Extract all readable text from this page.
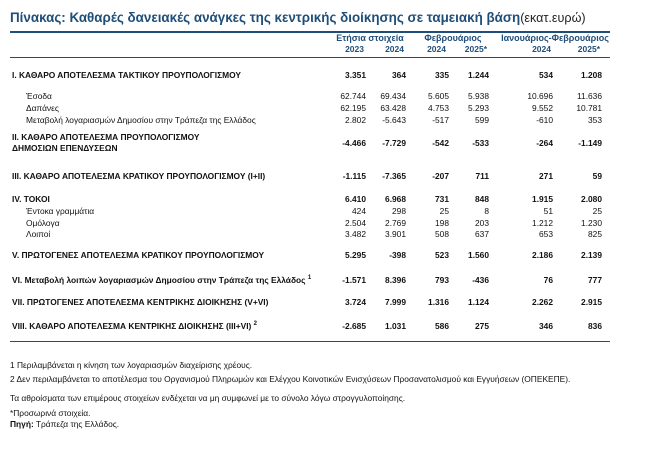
Πίνακας: Καθαρές δανειακές ανάγκες της κεντρικής διοίκησης σε ταμειακή βάση(εκατ.ευρώ)
Ετήσια στοιχεία	Φεβρουάριος	Ιανουάριος-Φεβρουάριος
2023	2024	2024	2025*	2024	2025*
I. ΚΑΘΑΡΟ ΑΠΟΤΕΛΕΣΜΑ ΤΑΚΤΙΚΟΥ ΠΡΟΥΠΟΛΟΓΙΣΜΟΥ	3.351	364	335	1.244	534	1.208
Έσοδα	62.744	69.434	5.605	5.938	10.696	11.636
Δαπάνες	62.195	63.428	4.753	5.293	9.552	10.781
Μεταβολή λογαριασμών Δημοσίου στην Τράπεζα της Ελλάδος	2.802	-5.643	-517	599	-610	353
II. ΚΑΘΑΡΟ ΑΠΟΤΕΛΕΣΜΑ ΠΡΟΥΠΟΛΟΓΙΣΜΟΥ
ΔΗΜΟΣΙΩΝ ΕΠΕΝΔΥΣΕΩΝ	-4.466	-7.729	-542	-533	-264	-1.149
III. ΚΑΘΑΡΟ ΑΠΟΤΕΛΕΣΜΑ ΚΡΑΤΙΚΟΥ ΠΡΟΥΠΟΛΟΓΙΣΜΟΥ (I+II)	-1.115	-7.365	-207	711	271	59
IV. ΤΟΚΟΙ	6.410	6.968	731	848	1.915	2.080
Έντοκα γραμμάτια	424	298	25	8	51	25
Ομόλογα	2.504	2.769	198	203	1.212	1.230
Λοιποί	3.482	3.901	508	637	653	825
V. ΠΡΩΤΟΓΕΝΕΣ ΑΠΟΤΕΛΕΣΜΑ ΚΡΑΤΙΚΟΥ ΠΡΟΥΠΟΛΟΓΙΣΜΟΥ	5.295	-398	523	1.560	2.186	2.139
VI. Μεταβολή λοιπών λογαριασμών Δημοσίου στην Τράπεζα της Ελλάδος $^1$	-1.571	8.396	793	-436	76	777
VII. ΠΡΩΤΟΓΕΝΕΣ ΑΠΟΤΕΛΕΣΜΑ ΚΕΝΤΡΙΚΗΣ ΔΙΟΙΚΗΣΗΣ (V+VI)	3.724	7.999	1.316	1.124	2.262	2.915
VIII. ΚΑΘΑΡΟ ΑΠΟΤΕΛΕΣΜΑ ΚΕΝΤΡΙΚΗΣ ΔΙΟΙΚΗΣΗΣ (III+VI) $^2$	-2.685	1.031	586	275	346	836
1 Περιλαμβάνεται η κίνηση των λογαριασμών διαχείρισης χρέους.
2 Δεν περιλαμβάνεται το αποτέλεσμα του Οργανισμού Πληρωμών και Ελέγχου Κοινοτικών Ενισχύσεων Προσανατολισμού και Εγγυήσεων (ΟΠΕΚΕΠΕ).
Τα αθροίσματα των επιμέρους στοιχείων ενδέχεται να μη συμφωνεί με το σύνολο λόγω στρογγυλοποίησης.
*Προσωρινά στοιχεία.
Πηγή: Τράπεζα της Ελλάδος.
